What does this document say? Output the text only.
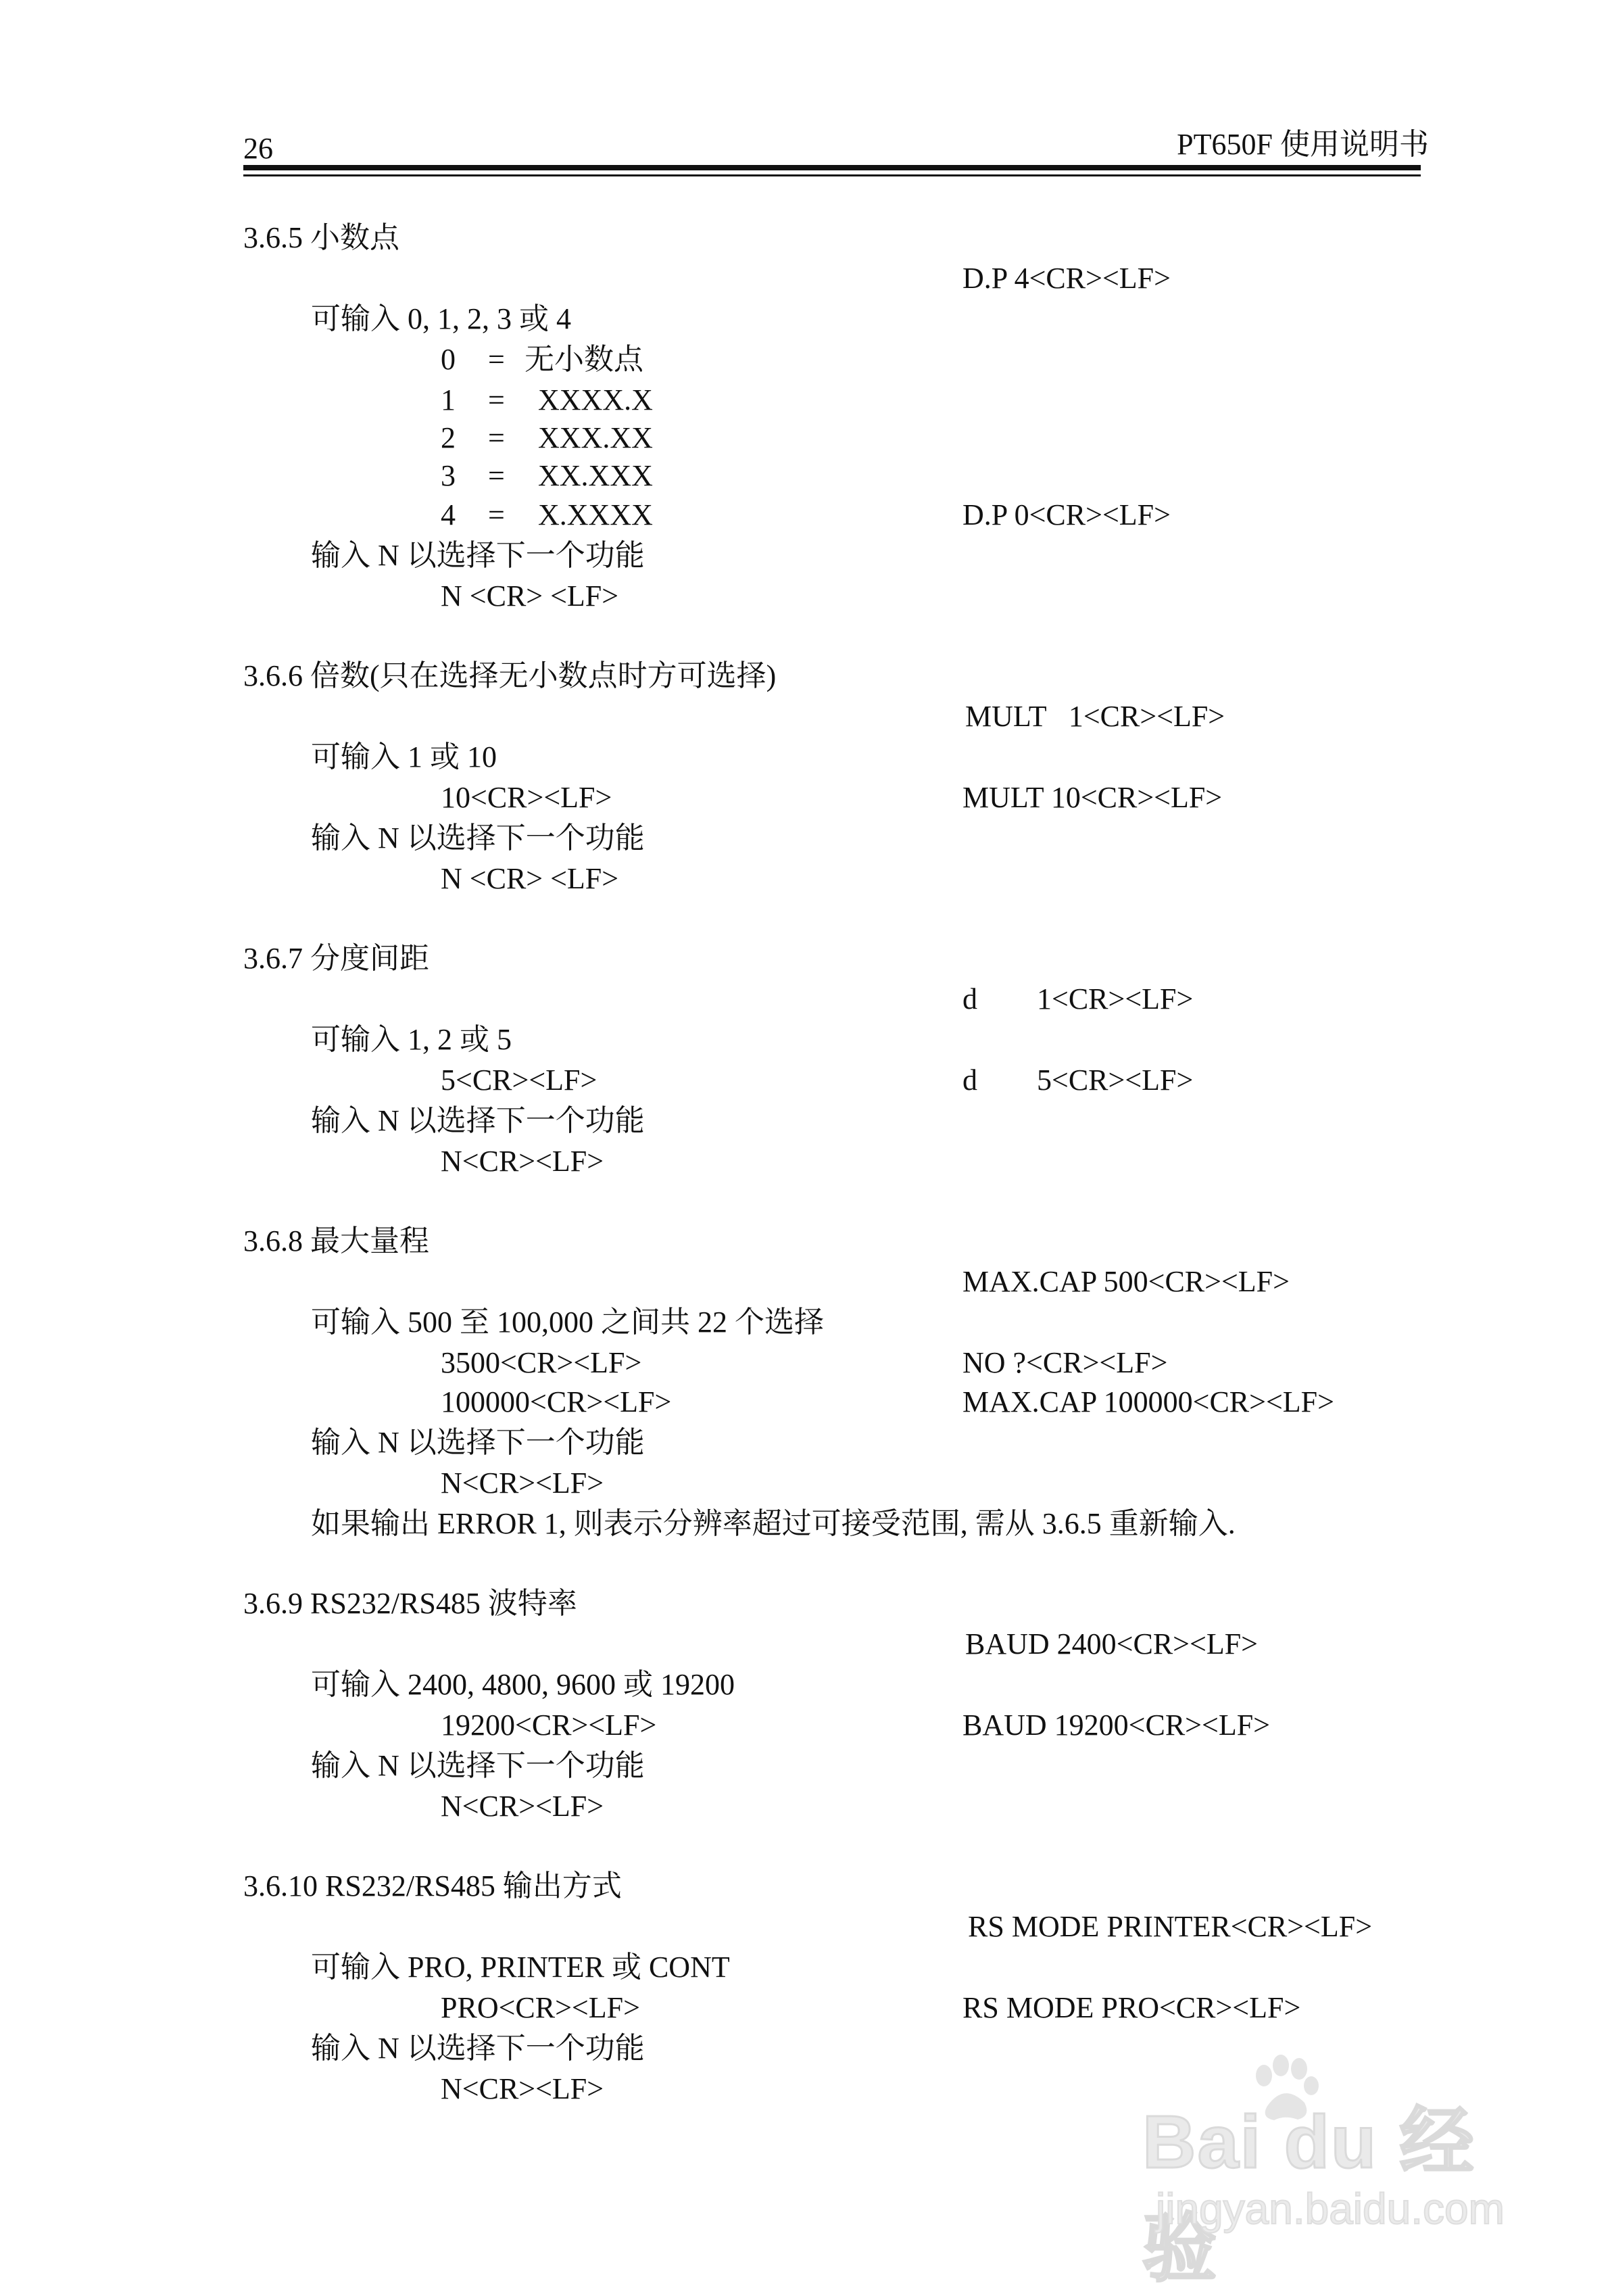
26	PT650F 使用说明书
3.6.5 小数点
D.P 4<CR><LF>
可输入 0, 1, 2, 3 或 4
0 = 无小数点
1 = XXXX.X
2 = XXX.XX
3 = XX.XXX
4 = X.XXXX	D.P 0<CR><LF>
输入 N 以选择下一个功能
N <CR> <LF>
3.6.6 倍数(只在选择无小数点时方可选择)
MULT   1<CR><LF>
可输入 1 或 10
10<CR><LF>	MULT 10<CR><LF>
输入 N 以选择下一个功能
N <CR> <LF>
3.6.7 分度间距
d        1<CR><LF>
可输入 1, 2 或 5
5<CR><LF>	d        5<CR><LF>
输入 N 以选择下一个功能
N<CR><LF>
3.6.8 最大量程
MAX.CAP 500<CR><LF>
可输入 500 至 100,000 之间共 22 个选择
3500<CR><LF>	NO ?<CR><LF>
100000<CR><LF>	MAX.CAP 100000<CR><LF>
输入 N 以选择下一个功能
N<CR><LF>
如果输出 ERROR 1, 则表示分辨率超过可接受范围, 需从 3.6.5 重新输入.
3.6.9 RS232/RS485 波特率
BAUD 2400<CR><LF>
可输入 2400, 4800, 9600 或 19200
19200<CR><LF>	BAUD 19200<CR><LF>
输入 N 以选择下一个功能
N<CR><LF>
3.6.10 RS232/RS485 输出方式
RS MODE PRINTER<CR><LF>
可输入 PRO, PRINTER 或 CONT
PRO<CR><LF>	RS MODE PRO<CR><LF>
输入 N 以选择下一个功能
N<CR><LF>
Bai du 经验
jingyan.baidu.com
